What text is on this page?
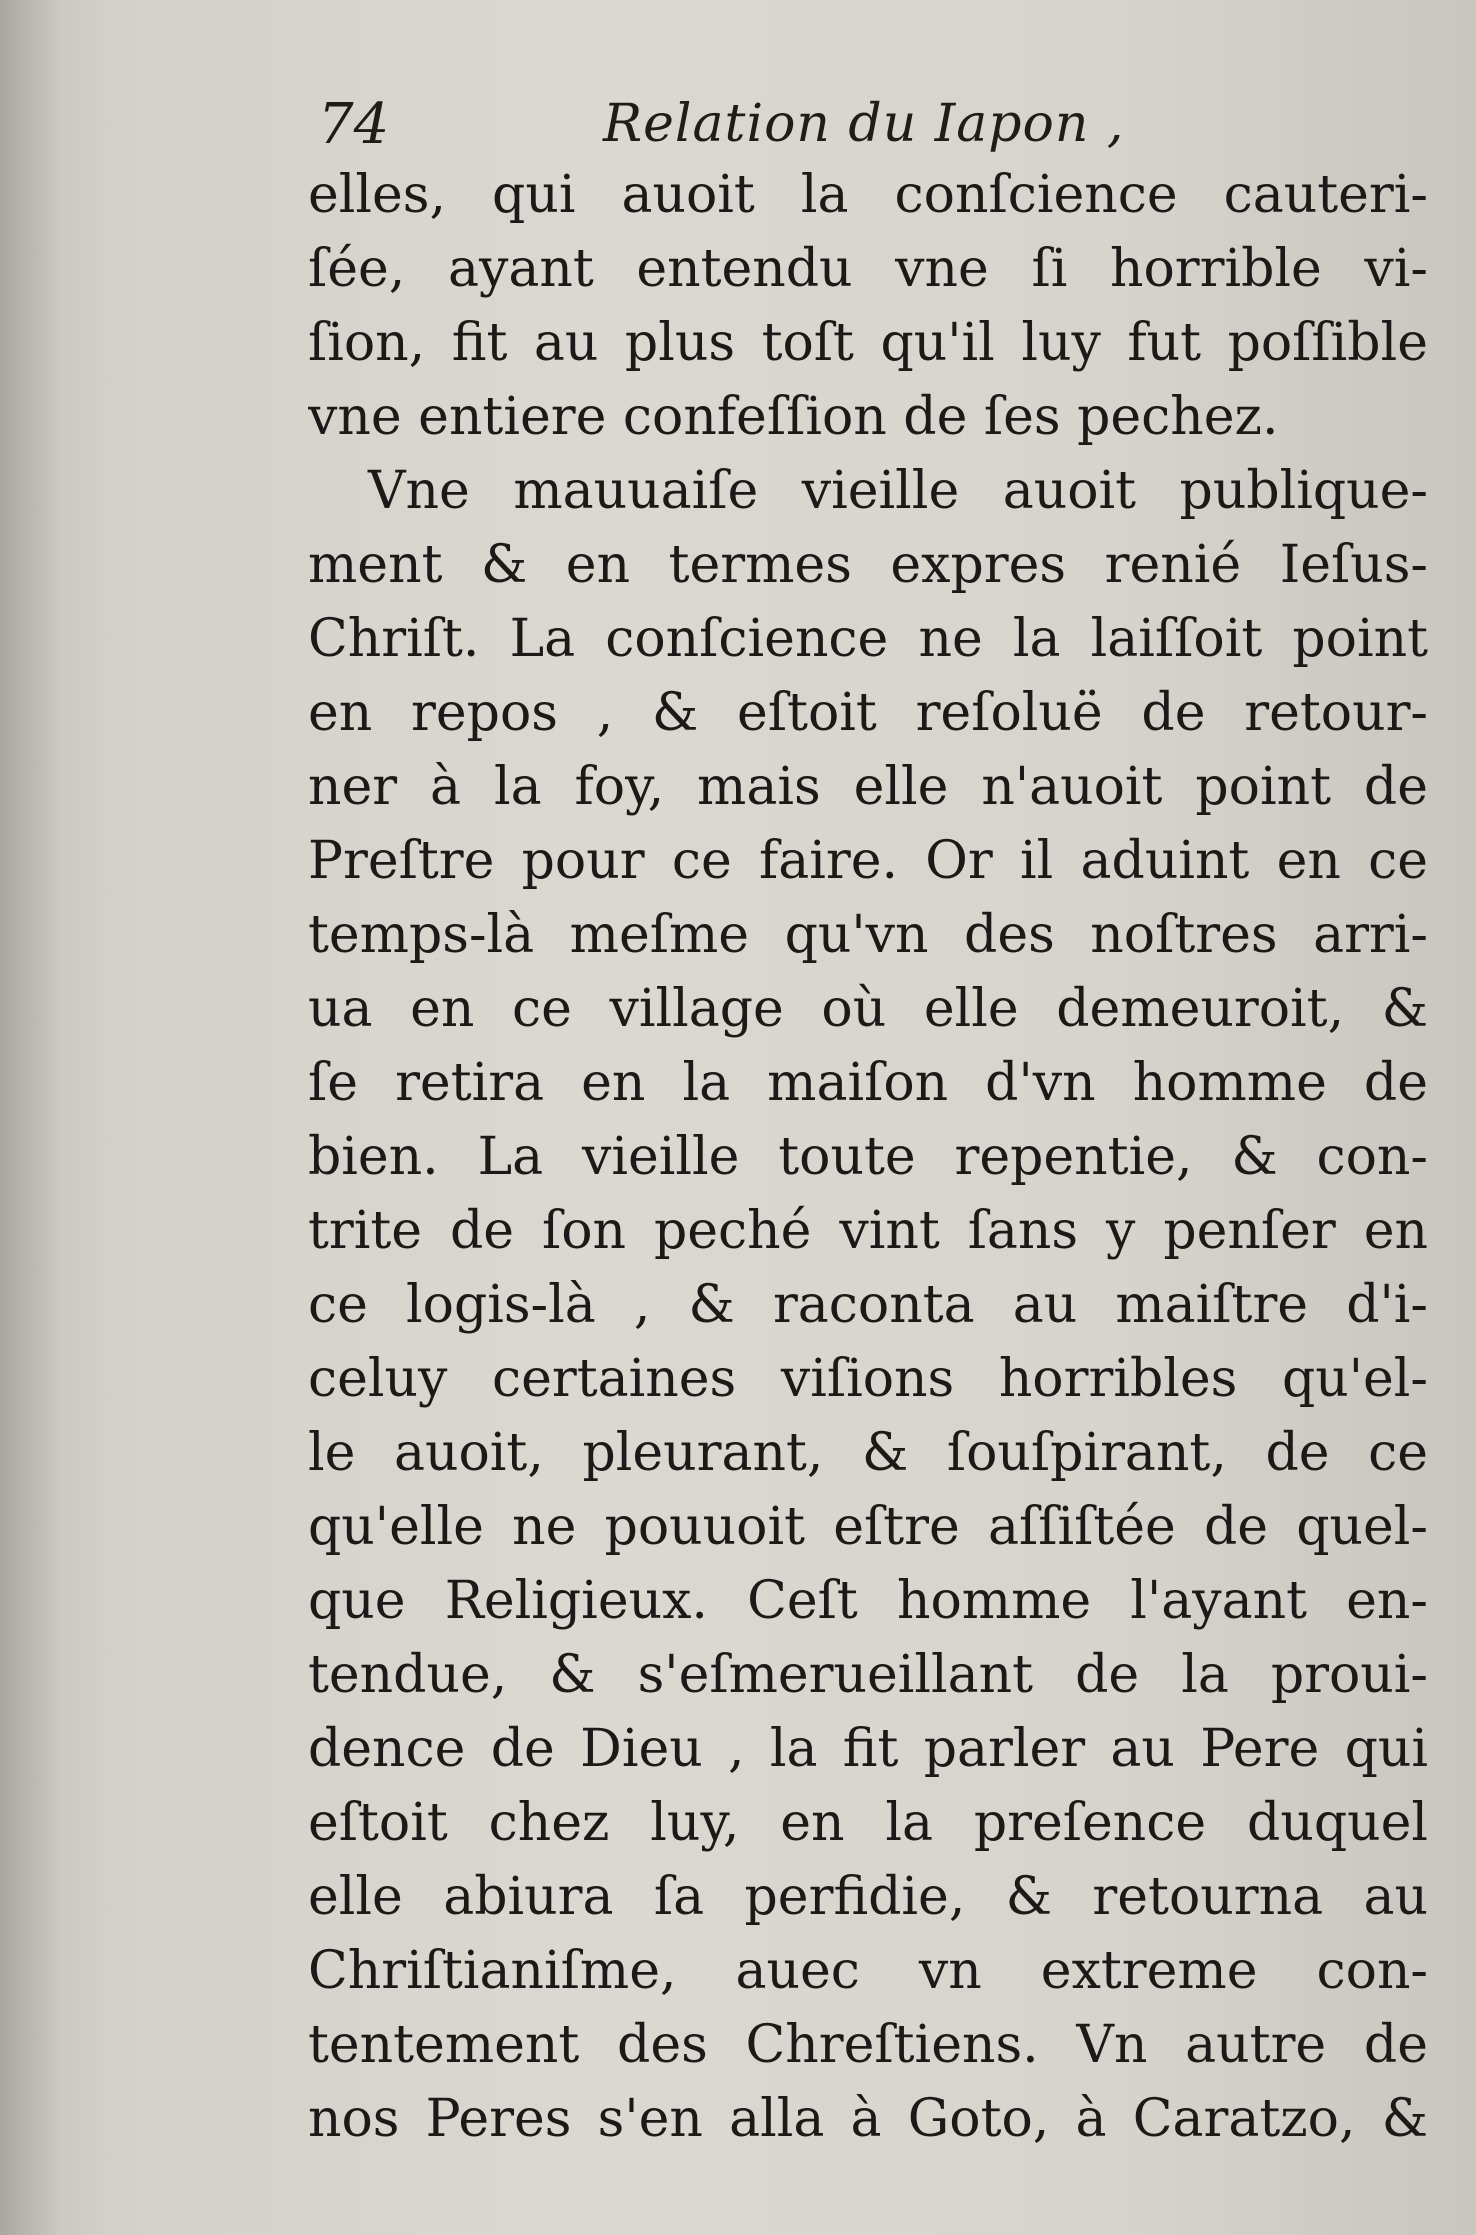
74	Relation du Iapon ,
elles, qui auoit la conſcience cauteri-
ſée, ayant entendu vne ſi horrible vi-
ſion, fit au plus toſt qu'il luy fut poſſible
vne entiere confeſſion de ſes pechez.
Vne mauuaiſe vieille auoit publique-
ment & en termes expres renié Ieſus-
Chriſt. La conſcience ne la laiſſoit point
en repos , & eſtoit reſoluë de retour-
ner à la foy, mais elle n'auoit point de
Preſtre pour ce faire. Or il aduint en ce
temps-là meſme qu'vn des noſtres arri-
ua en ce village où elle demeuroit, &
ſe retira en la maiſon d'vn homme de
bien. La vieille toute repentie, & con-
trite de ſon peché vint ſans y penſer en
ce logis-là , & raconta au maiſtre d'i-
celuy certaines viſions horribles qu'el-
le auoit, pleurant, & ſouſpirant, de ce
qu'elle ne pouuoit eſtre aſſiſtée de quel-
que Religieux. Ceſt homme l'ayant en-
tendue, & s'eſmerueillant de la proui-
dence de Dieu , la fit parler au Pere qui
eſtoit chez luy, en la preſence duquel
elle abiura ſa perfidie, & retourna au
Chriſtianiſme, auec vn extreme con-
tentement des Chreſtiens. Vn autre de
nos Peres s'en alla à Goto, à Caratzo, &
